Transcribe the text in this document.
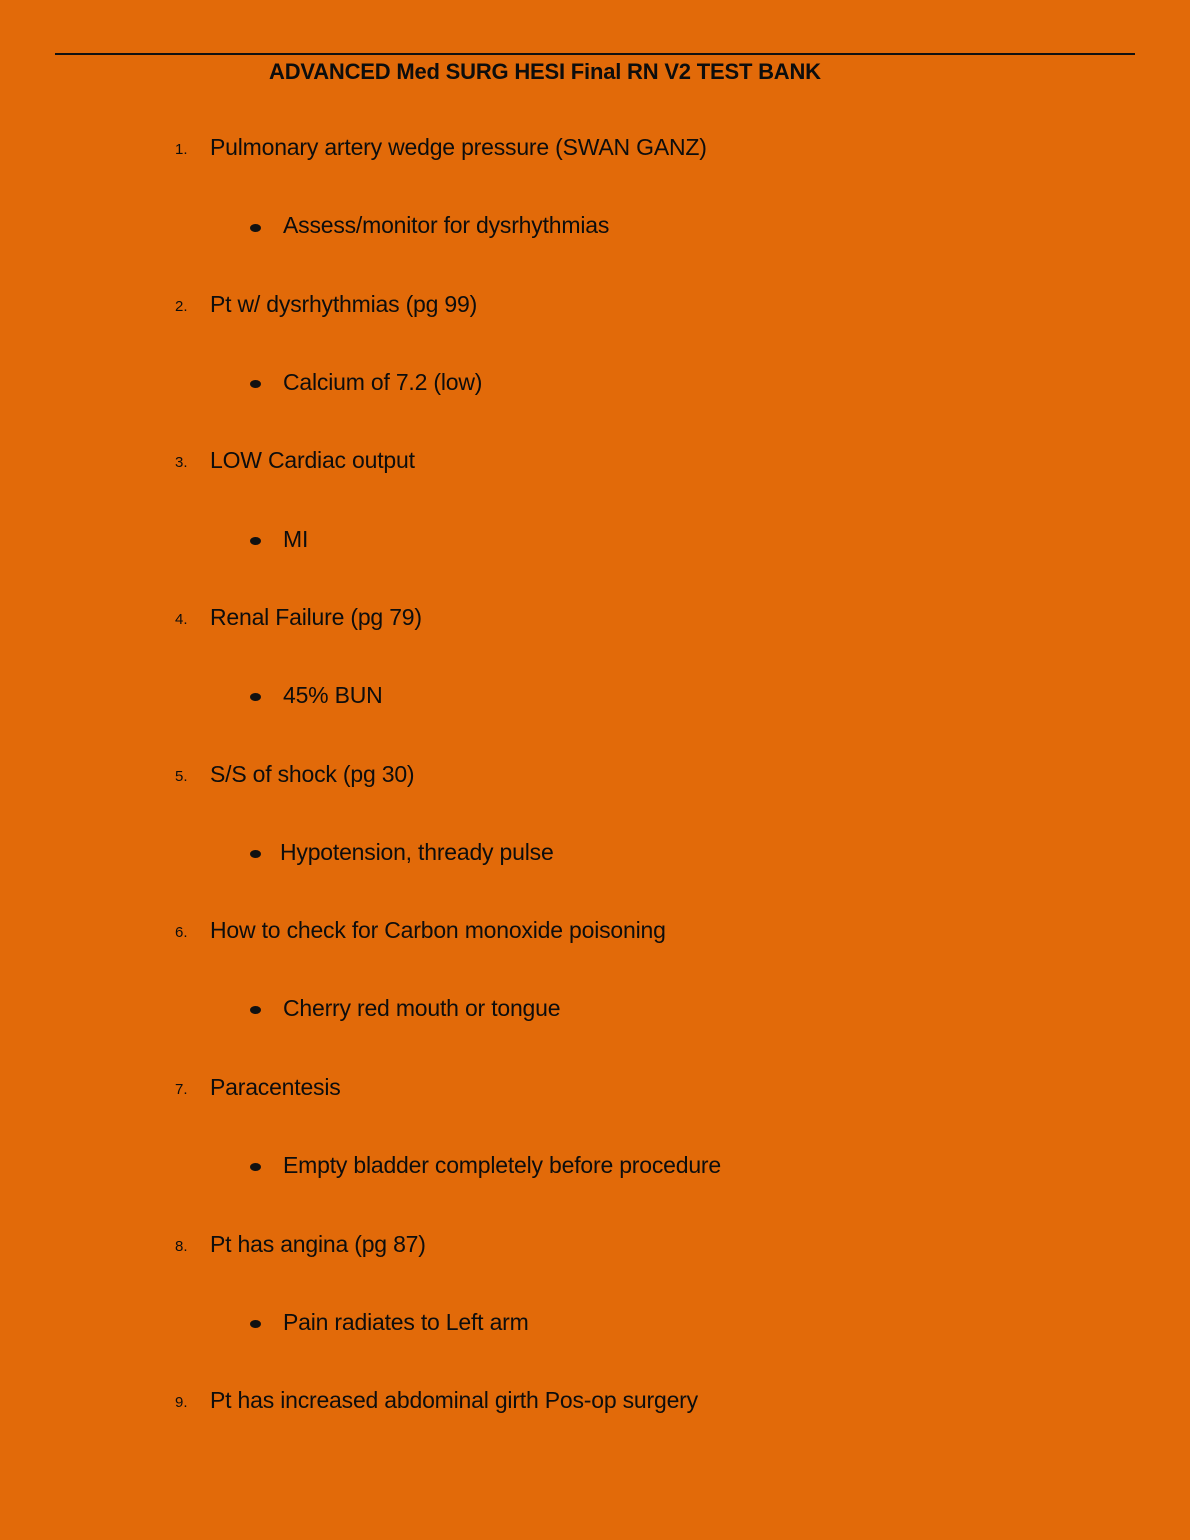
ADVANCED Med SURG HESI Final RN V2 TEST BANK
1. Pulmonary artery wedge pressure (SWAN GANZ)
Assess/monitor for dysrhythmias
2. Pt w/ dysrhythmias (pg 99)
Calcium of 7.2 (low)
3. LOW Cardiac output
MI
4. Renal Failure (pg 79)
45% BUN
5. S/S of shock (pg 30)
Hypotension, thready pulse
6. How to check for Carbon monoxide poisoning
Cherry red mouth or tongue
7. Paracentesis
Empty bladder completely before procedure
8. Pt has angina (pg 87)
Pain radiates to Left arm
9. Pt has increased abdominal girth Pos-op surgery
